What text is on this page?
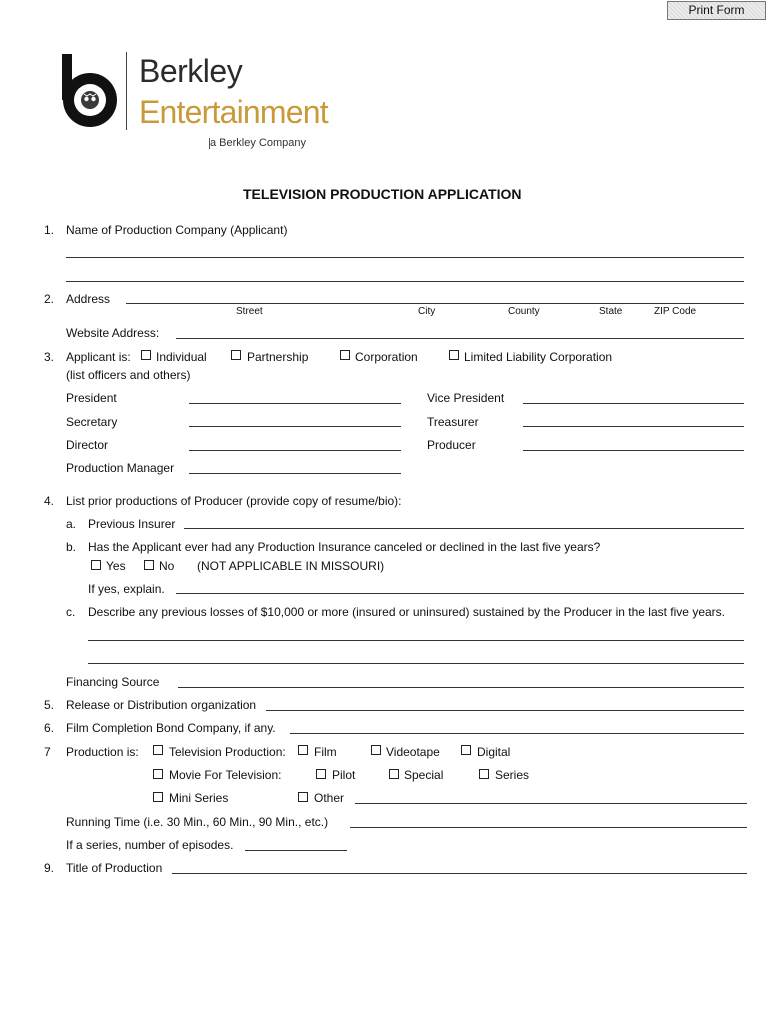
Print Form
Berkley
Entertainment
a Berkley Company
TELEVISION PRODUCTION APPLICATION
1. Name of Production Company (Applicant)
2. Address
Street	City	County	State	ZIP Code
Website Address:
3. Applicant is: Individual	Partnership	Corporation	Limited Liability Corporation
(list officers and others)
President	Vice President
Secretary	Treasurer
Director	Producer
Production Manager
4. List prior productions of Producer (provide copy of resume/bio):
a. Previous Insurer
b. Has the Applicant ever had any Production Insurance canceled or declined in the last five years?
Yes	No (NOT APPLICABLE IN MISSOURI)
If yes, explain.
c. Describe any previous losses of $10,000 or more (insured or uninsured) sustained by the Producer in the last five years.
Financing Source
5. Release or Distribution organization
6. Film Completion Bond Company, if any.
7 Production is:	Television Production: Film	Videotape	Digital
Movie For Television:	Pilot	Special	Series
Mini Series	Other
Running Time (i.e. 30 Min., 60 Min., 90 Min., etc.)
If a series, number of episodes.
9. Title of Production
